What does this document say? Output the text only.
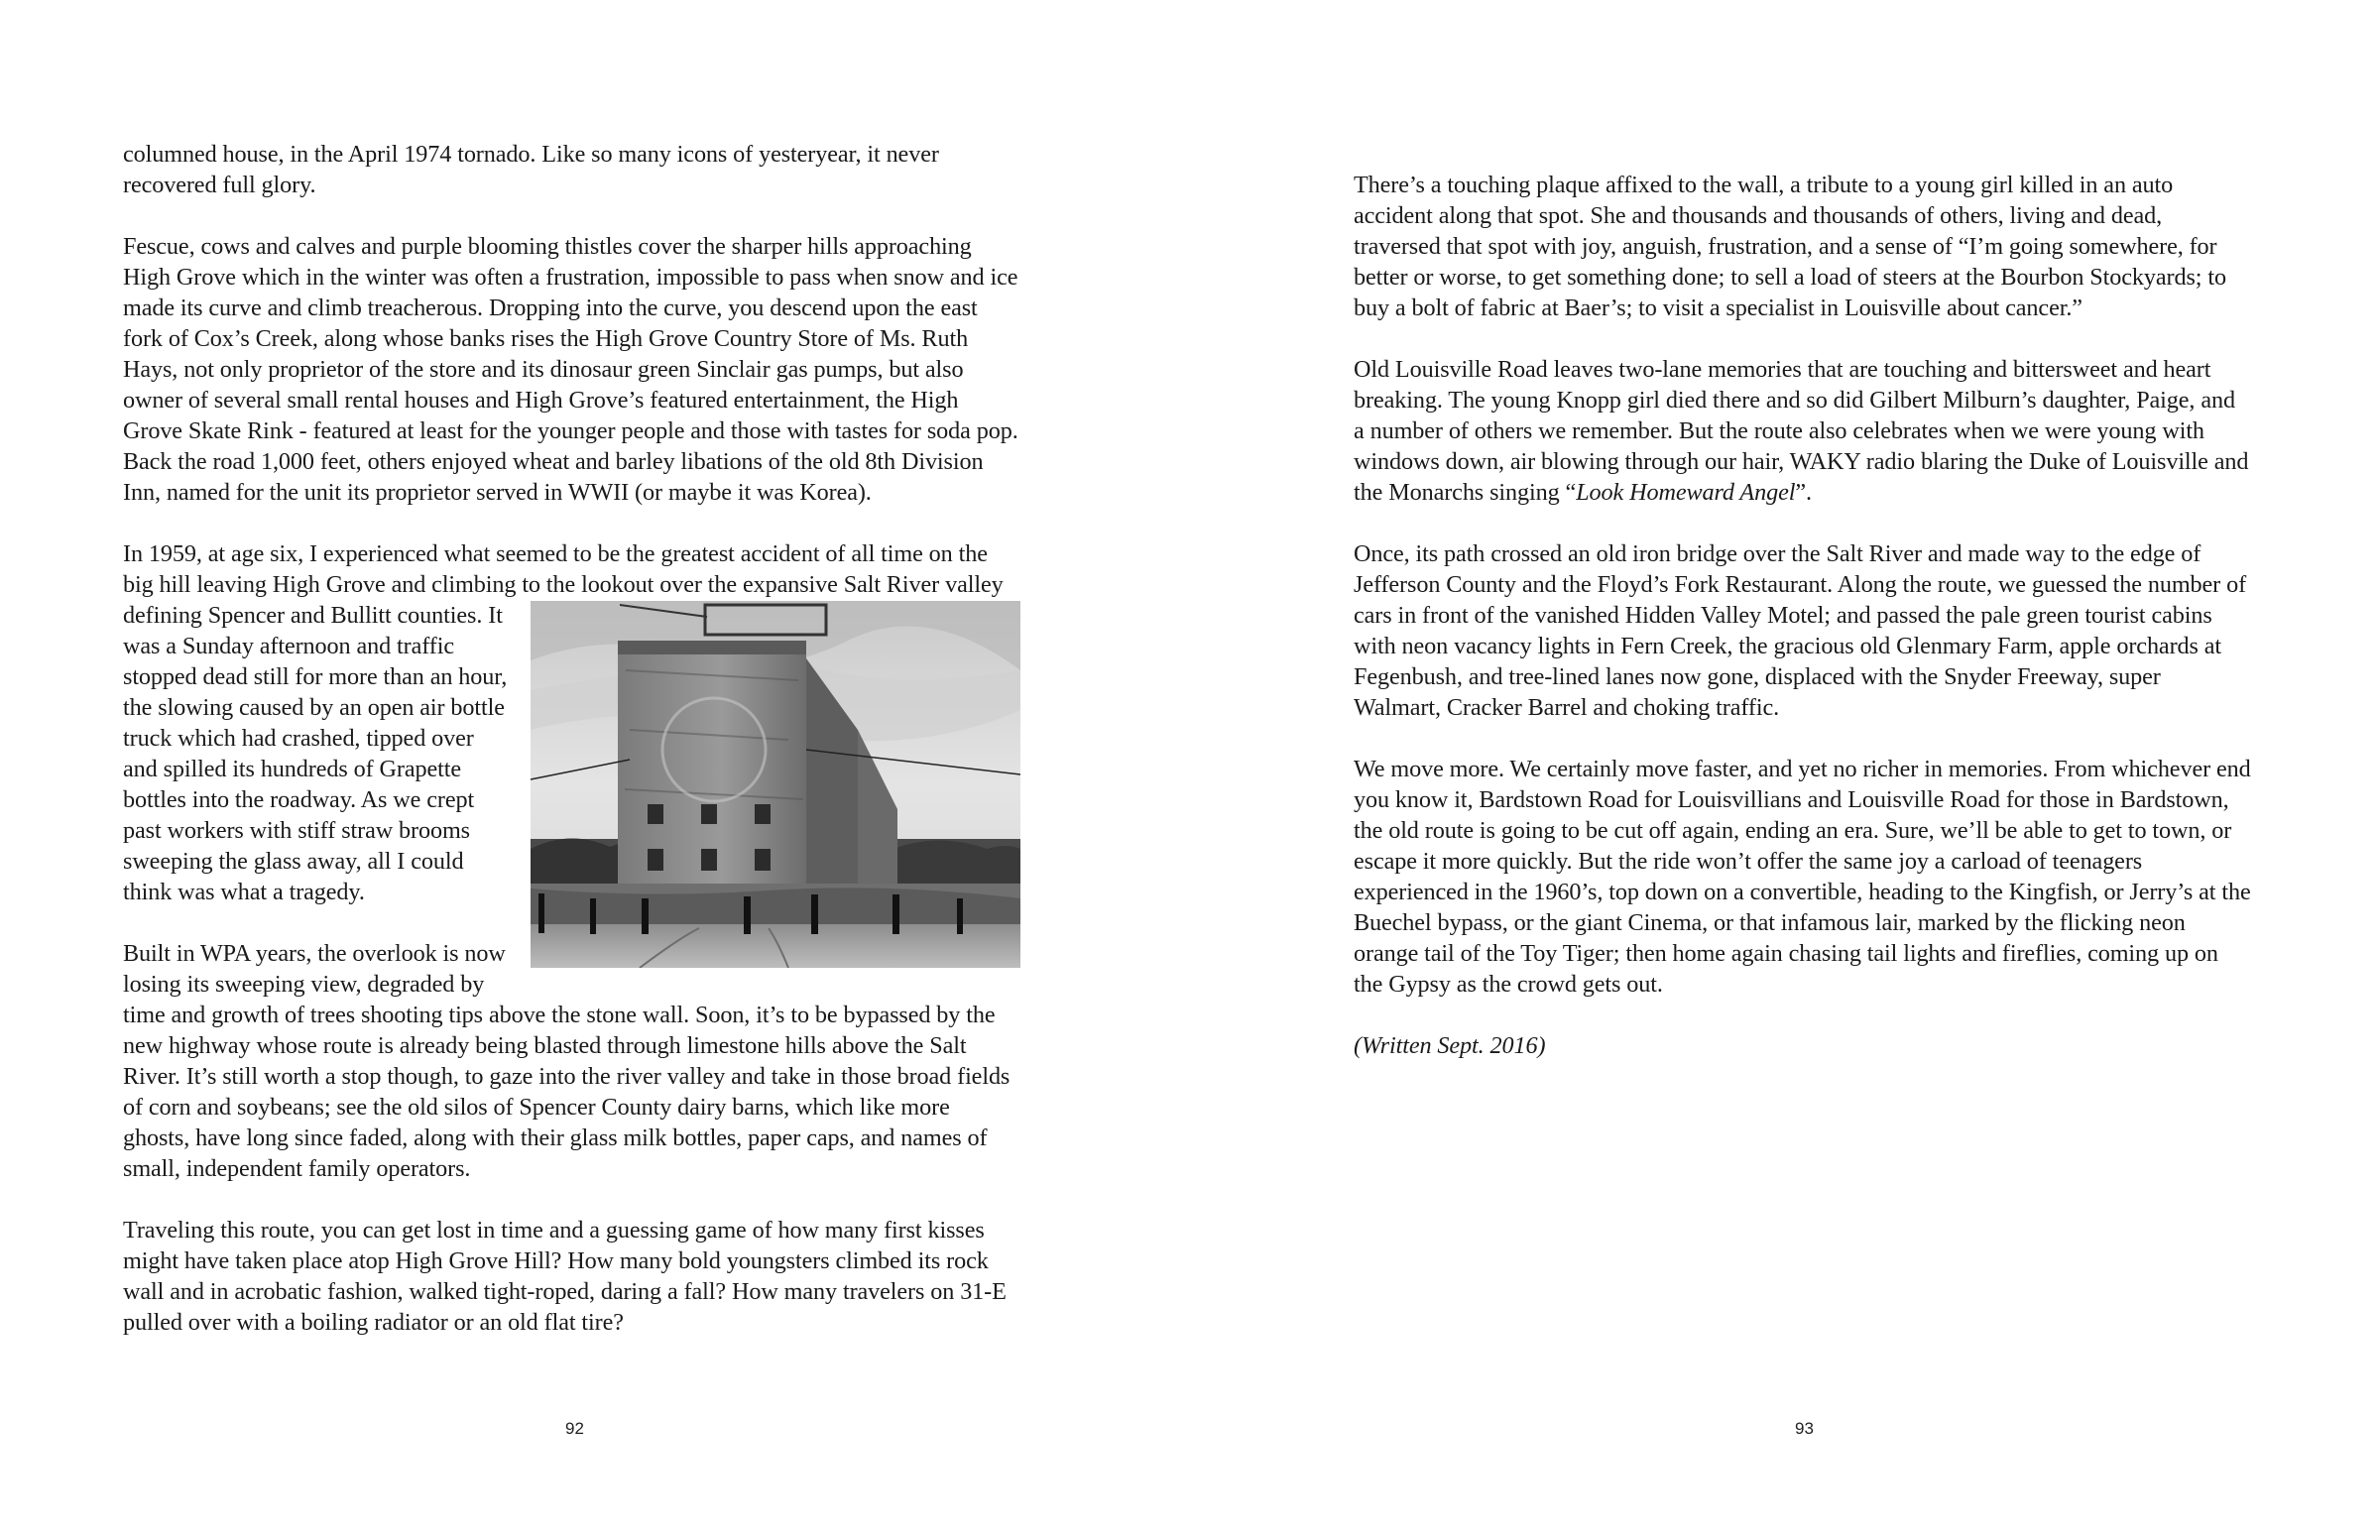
columned house, in the April 1974 tornado. Like so many icons of yesteryear, it never recovered full glory.

Fescue, cows and calves and purple blooming thistles cover the sharper hills approaching High Grove which in the winter was often a frustration, impossible to pass when snow and ice made its curve and climb treacherous. Dropping into the curve, you descend upon the east fork of Cox’s Creek, along whose banks rises the High Grove Country Store of Ms. Ruth Hays, not only proprietor of the store and its dinosaur green Sinclair gas pumps, but also owner of several small rental houses and High Grove’s featured entertainment, the High Grove Skate Rink - featured at least for the younger people and those with tastes for soda pop. Back the road 1,000 feet, others enjoyed wheat and barley libations of the old 8th Division Inn, named for the unit its proprietor served in WWII (or maybe it was Korea).

In 1959, at age six, I experienced what seemed to be the greatest accident of all time on the big hill leaving High Grove and climbing to the lookout over the expansive
Salt River valley defining Spencer and Bullitt counties. It was a Sunday afternoon and traffic stopped dead still for more than an hour, the slowing caused by an open air bottle truck which had crashed, tipped over and spilled its hundreds of Grapette bottles into the roadway. As we crept past workers with stiff straw brooms sweeping the glass away, all I could think was what a tragedy.

Built in WPA years, the overlook is now losing its sweeping view, degraded by time and growth of trees shooting tips above the stone wall. Soon, it’s to be bypassed by the new highway whose route is already being blasted through limestone hills above the Salt River. It’s still worth a stop though, to gaze into the river valley and take in those broad fields of corn and soybeans; see the old silos of Spencer County dairy barns, which like more ghosts, have long since faded, along with their glass milk bottles, paper caps, and names of small, independent family operators.

Traveling this route, you can get lost in time and a guessing game of how many first kisses might have taken place atop High Grove Hill? How many bold youngsters climbed its rock wall and in acrobatic fashion, walked tight-roped, daring a fall? How many travelers on 31-E pulled over with a boiling radiator or an old flat tire?

92

There’s a touching plaque affixed to the wall, a tribute to a young girl killed in an auto accident along that spot. She and thousands and thousands of others, living and dead, traversed that spot with joy, anguish, frustration, and a sense of “I’m going somewhere, for better or worse, to get something done; to sell a load of steers at the Bourbon Stockyards; to buy a bolt of fabric at Baer’s; to visit a specialist in Louisville about cancer.”

Old Louisville Road leaves two-lane memories that are touching and bittersweet and heart breaking. The young Knopp girl died there and so did Gilbert Milburn’s daughter, Paige, and a number of others we remember. But the route also celebrates when we were young with windows down, air blowing through our hair, WAKY radio blaring the Duke of Louisville and the Monarchs singing “Look Homeward Angel”.

Once, its path crossed an old iron bridge over the Salt River and made way to the edge of Jefferson County and the Floyd’s Fork Restaurant. Along the route, we guessed the number of cars in front of the vanished Hidden Valley Motel; and passed the pale green tourist cabins with neon vacancy lights in Fern Creek, the gracious old Glenmary Farm, apple orchards at Fegenbush, and tree-lined lanes now gone, displaced with the Snyder Freeway, super Walmart, Cracker Barrel and choking traffic.

We move more. We certainly move faster, and yet no richer in memories. From whichever end you know it, Bardstown Road for Louisvillians and Louisville Road for those in Bardstown, the old route is going to be cut off again, ending an era. Sure, we’ll be able to get to town, or escape it more quickly. But the ride won’t offer the same joy a carload of teenagers experienced in the 1960’s, top down on a convertible, heading to the Kingfish, or Jerry’s at the Buechel bypass, or the giant Cinema, or that infamous lair, marked by the flicking neon orange tail of the Toy Tiger; then home again chasing tail lights and fireflies, coming up on the Gypsy as the crowd gets out.

(Written Sept. 2016)

93
